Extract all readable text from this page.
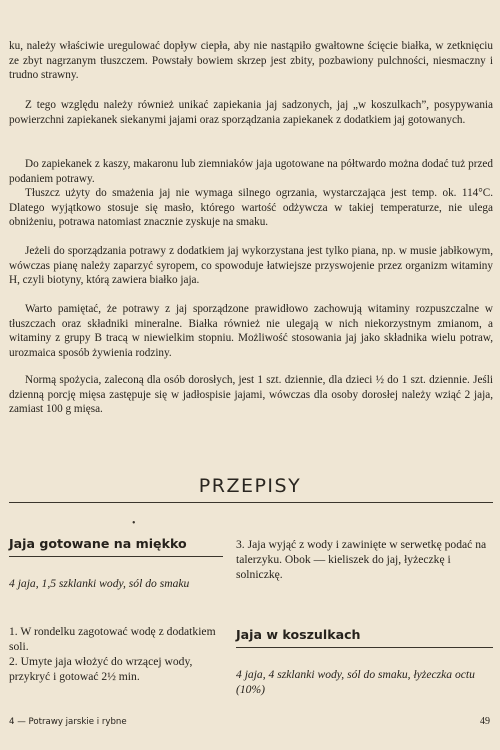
ku, należy właściwie uregulować dopływ ciepła, aby nie nastąpiło gwałtowne ścięcie białka, w zetknięciu ze zbyt nagrzanym tłuszczem. Powstały bowiem skrzep jest zbity, pozbawiony pulchności, niesmaczny i trudno strawny.

Z tego względu należy również unikać zapiekania jaj sadzonych, jaj „w koszulkach”, posypywania powierzchni zapiekanek siekanymi jajami oraz sporządzania zapiekanek z dodatkiem jaj gotowanych.

Do zapiekanek z kaszy, makaronu lub ziemniaków jaja ugotowane na półtwardo można dodać tuż przed podaniem potrawy.

Tłuszcz użyty do smażenia jaj nie wymaga silnego ogrzania, wystarczająca jest temp. ok. 114°C. Dlatego wyjątkowo stosuje się masło, którego wartość odżywcza w takiej temperaturze, nie ulega obniżeniu, potrawa natomiast znacznie zyskuje na smaku.

Jeżeli do sporządzania potrawy z dodatkiem jaj wykorzystana jest tylko piana, np. w musie jabłkowym, wówczas pianę należy zaparzyć syropem, co spowoduje łatwiejsze przyswojenie przez organizm witaminy H, czyli biotyny, którą zawiera białko jaja.

Warto pamiętać, że potrawy z jaj sporządzone prawidłowo zachowują witaminy rozpuszczalne w tłuszczach oraz składniki mineralne. Białka również nie ulegają w nich niekorzystnym zmianom, a witaminy z grupy B tracą w niewielkim stopniu. Możliwość stosowania jaj jako składnika wielu potraw, urozmaica sposób żywienia rodziny.

Normą spożycia, zaleconą dla osób dorosłych, jest 1 szt. dziennie, dla dzieci ½ do 1 szt. dziennie. Jeśli dzienną porcję mięsa zastępuje się w jadłospisie jajami, wówczas dla osoby dorosłej należy wziąć 2 jaja, zamiast 100 g mięsa.

PRZEPISY
•

Jaja gotowane na miękko

4 jaja, 1,5 szklanki wody, sól do smaku

1. W rondelku zagotować wodę z dodatkiem soli.

2. Umyte jaja włożyć do wrzącej wody, przykryć i gotować 2½ min.

3. Jaja wyjąć z wody i zawinięte w serwetkę podać na talerzyku. Obok — kieliszek do jaj, łyżeczkę i solniczkę.

Jaja w koszulkach

4 jaja, 4 szklanki wody, sól do smaku, łyżeczka octu (10%)

4 — Potrawy jarskie i rybne	49
